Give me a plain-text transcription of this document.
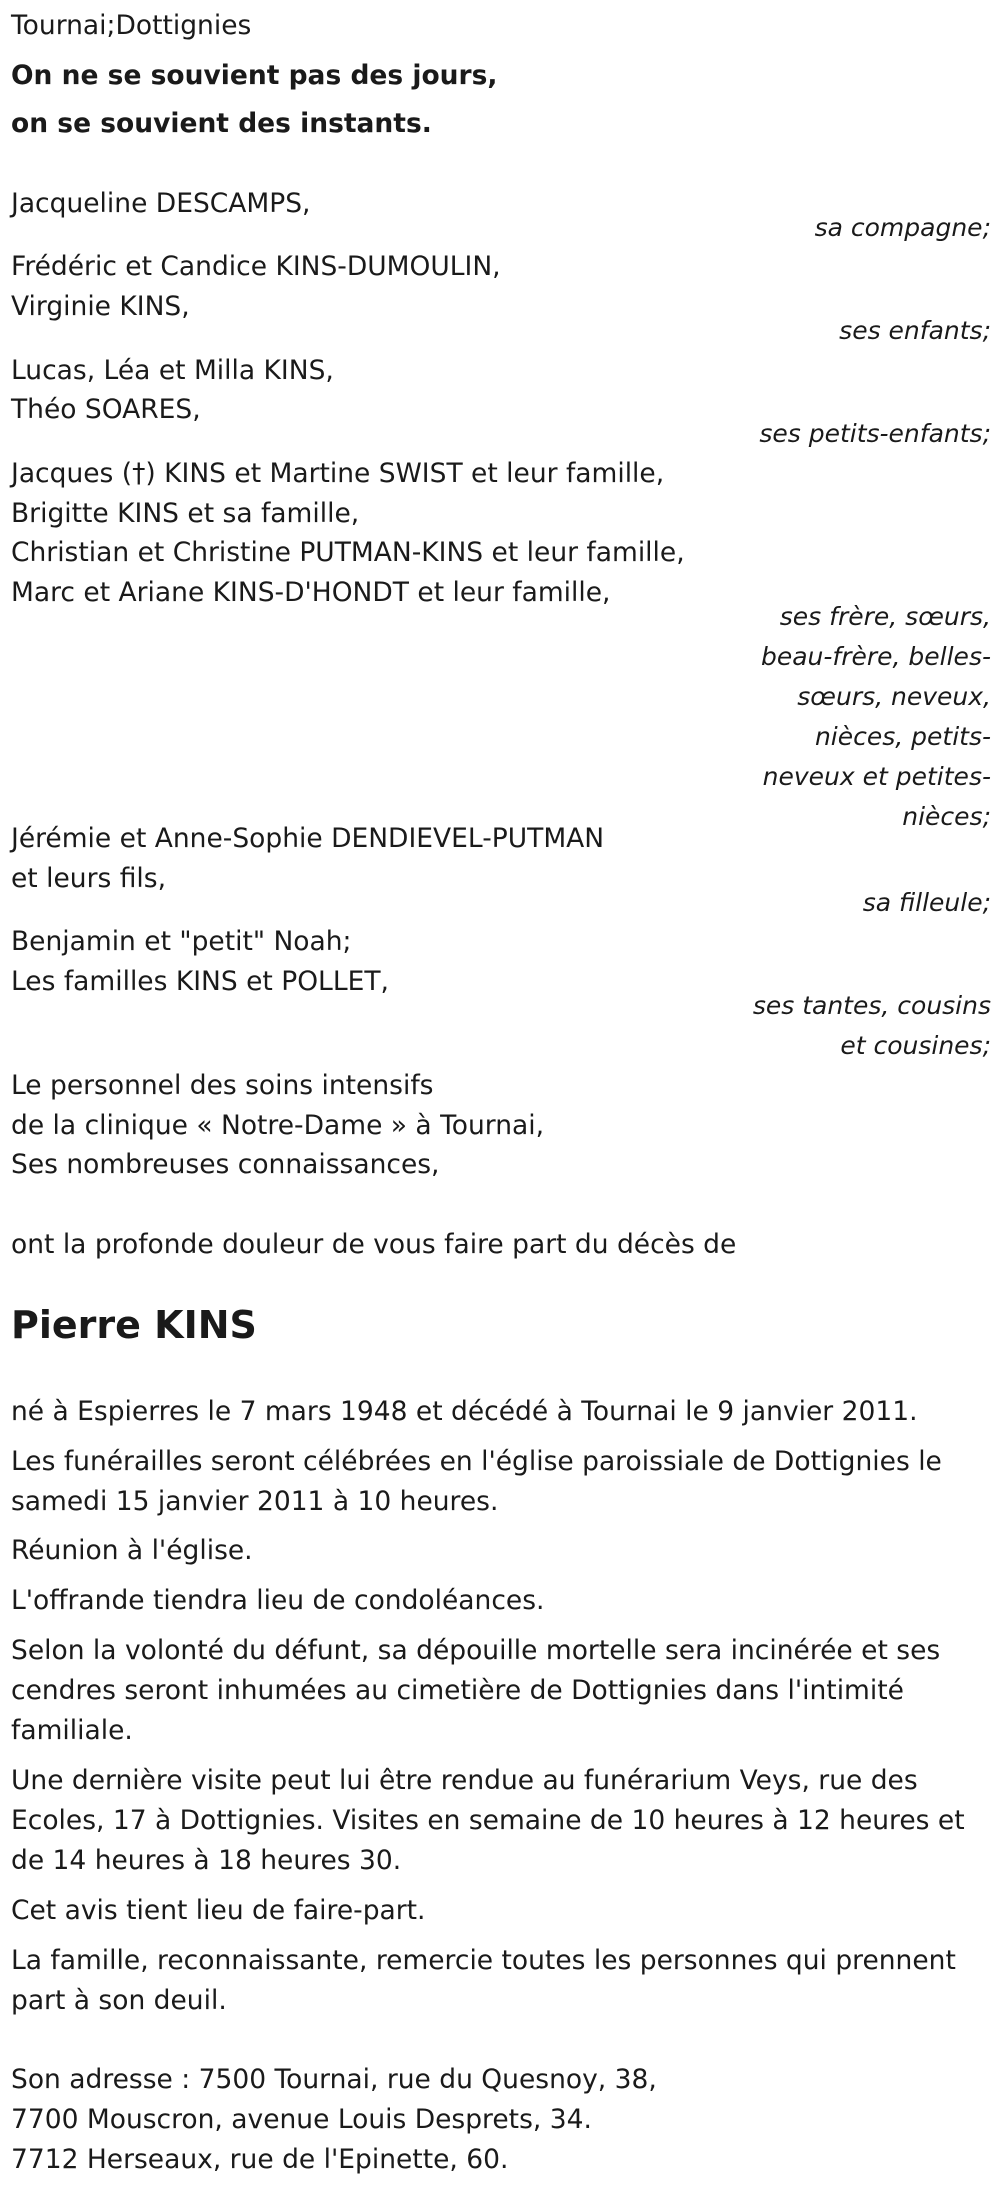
Tournai;Dottignies
On ne se souvient pas des jours,
on se souvient des instants.
Jacqueline DESCAMPS,
sa compagne;
Frédéric et Candice KINS-DUMOULIN,
Virginie KINS,
ses enfants;
Lucas, Léa et Milla KINS,
Théo SOARES,
ses petits-enfants;
Jacques (†) KINS et Martine SWIST et leur famille,
Brigitte KINS et sa famille,
Christian et Christine PUTMAN-KINS et leur famille,
Marc et Ariane KINS-D'HONDT et leur famille,
ses frère, sœurs, beau-frère, belles-sœurs, neveux, nièces, petits-neveux et petites-nièces;
Jérémie et Anne-Sophie DENDIEVEL-PUTMAN
et leurs fils,
sa filleule;
Benjamin et "petit" Noah;
Les familles KINS et POLLET,
ses tantes, cousins et cousines;
Le personnel des soins intensifs
de la clinique « Notre-Dame » à Tournai,
Ses nombreuses connaissances,
ont la profonde douleur de vous faire part du décès de
Pierre KINS
né à Espierres le 7 mars 1948 et décédé à Tournai le 9 janvier 2011.
Les funérailles seront célébrées en l'église paroissiale de Dottignies le samedi 15 janvier 2011 à 10 heures.
Réunion à l'église.
L'offrande tiendra lieu de condoléances.
Selon la volonté du défunt, sa dépouille mortelle sera incinérée et ses cendres seront inhumées au cimetière de Dottignies dans l'intimité familiale.
Une dernière visite peut lui être rendue au funérarium Veys, rue des Ecoles, 17 à Dottignies. Visites en semaine de 10 heures à 12 heures et de 14 heures à 18 heures 30.
Cet avis tient lieu de faire-part.
La famille, reconnaissante, remercie toutes les personnes qui prennent part à son deuil.
Son adresse : 7500 Tournai, rue du Quesnoy, 38,
7700 Mouscron, avenue Louis Desprets, 34.
7712 Herseaux, rue de l'Epinette, 60.
